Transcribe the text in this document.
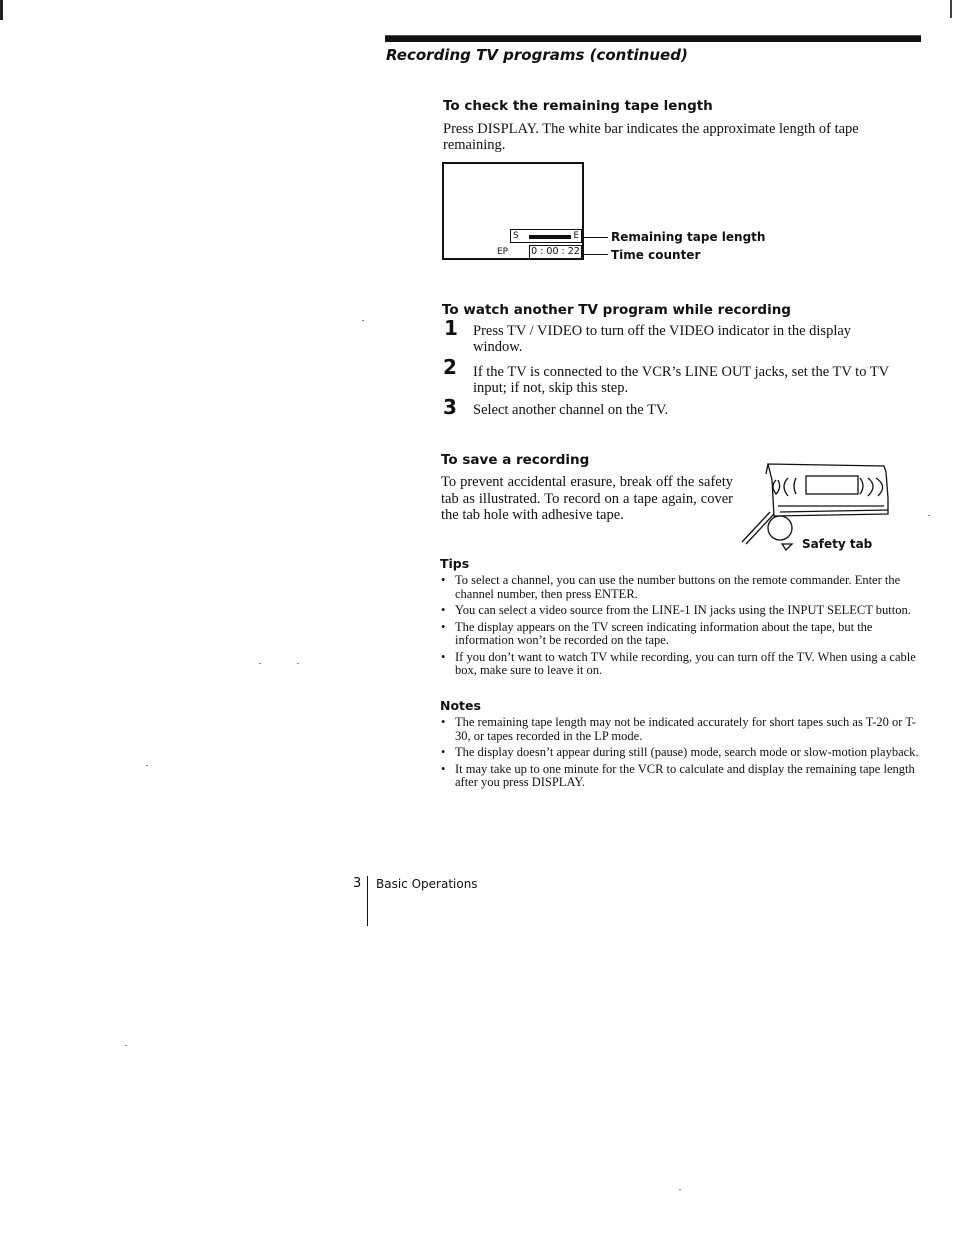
Recording TV programs (continued)
To check the remaining tape length

Press DISPLAY. The white bar indicates the approximate length of tape remaining.

S	E
EP 0 : 00 : 22
Remaining tape length
Time counter
To watch another TV program while recording
1 Press TV / VIDEO to turn off the VIDEO indicator in the display window.
2 If the TV is connected to the VCR’s LINE OUT jacks, set the TV to TV input; if not, skip this step.
3 Select another channel on the TV.
To save a recording

To prevent accidental erasure, break off the safety tab as illustrated. To record on a tape again, cover the tab hole with adhesive tape.

Safety tab
Tips
• To select a channel, you can use the number buttons on the remote commander. Enter the channel number, then press ENTER.
• You can select a video source from the LINE-1 IN jacks using the INPUT SELECT button.
• The display appears on the TV screen indicating information about the tape, but the information won’t be recorded on the tape.
• If you don’t want to watch TV while recording, you can turn off the TV. When using a cable box, make sure to leave it on.
Notes
• The remaining tape length may not be indicated accurately for short tapes such as T-20 or T-30, or tapes recorded in the LP mode.
• The display doesn’t appear during still (pause) mode, search mode or slow-motion playback.
• It may take up to one minute for the VCR to calculate and display the remaining tape length after you press DISPLAY.
3 Basic Operations
